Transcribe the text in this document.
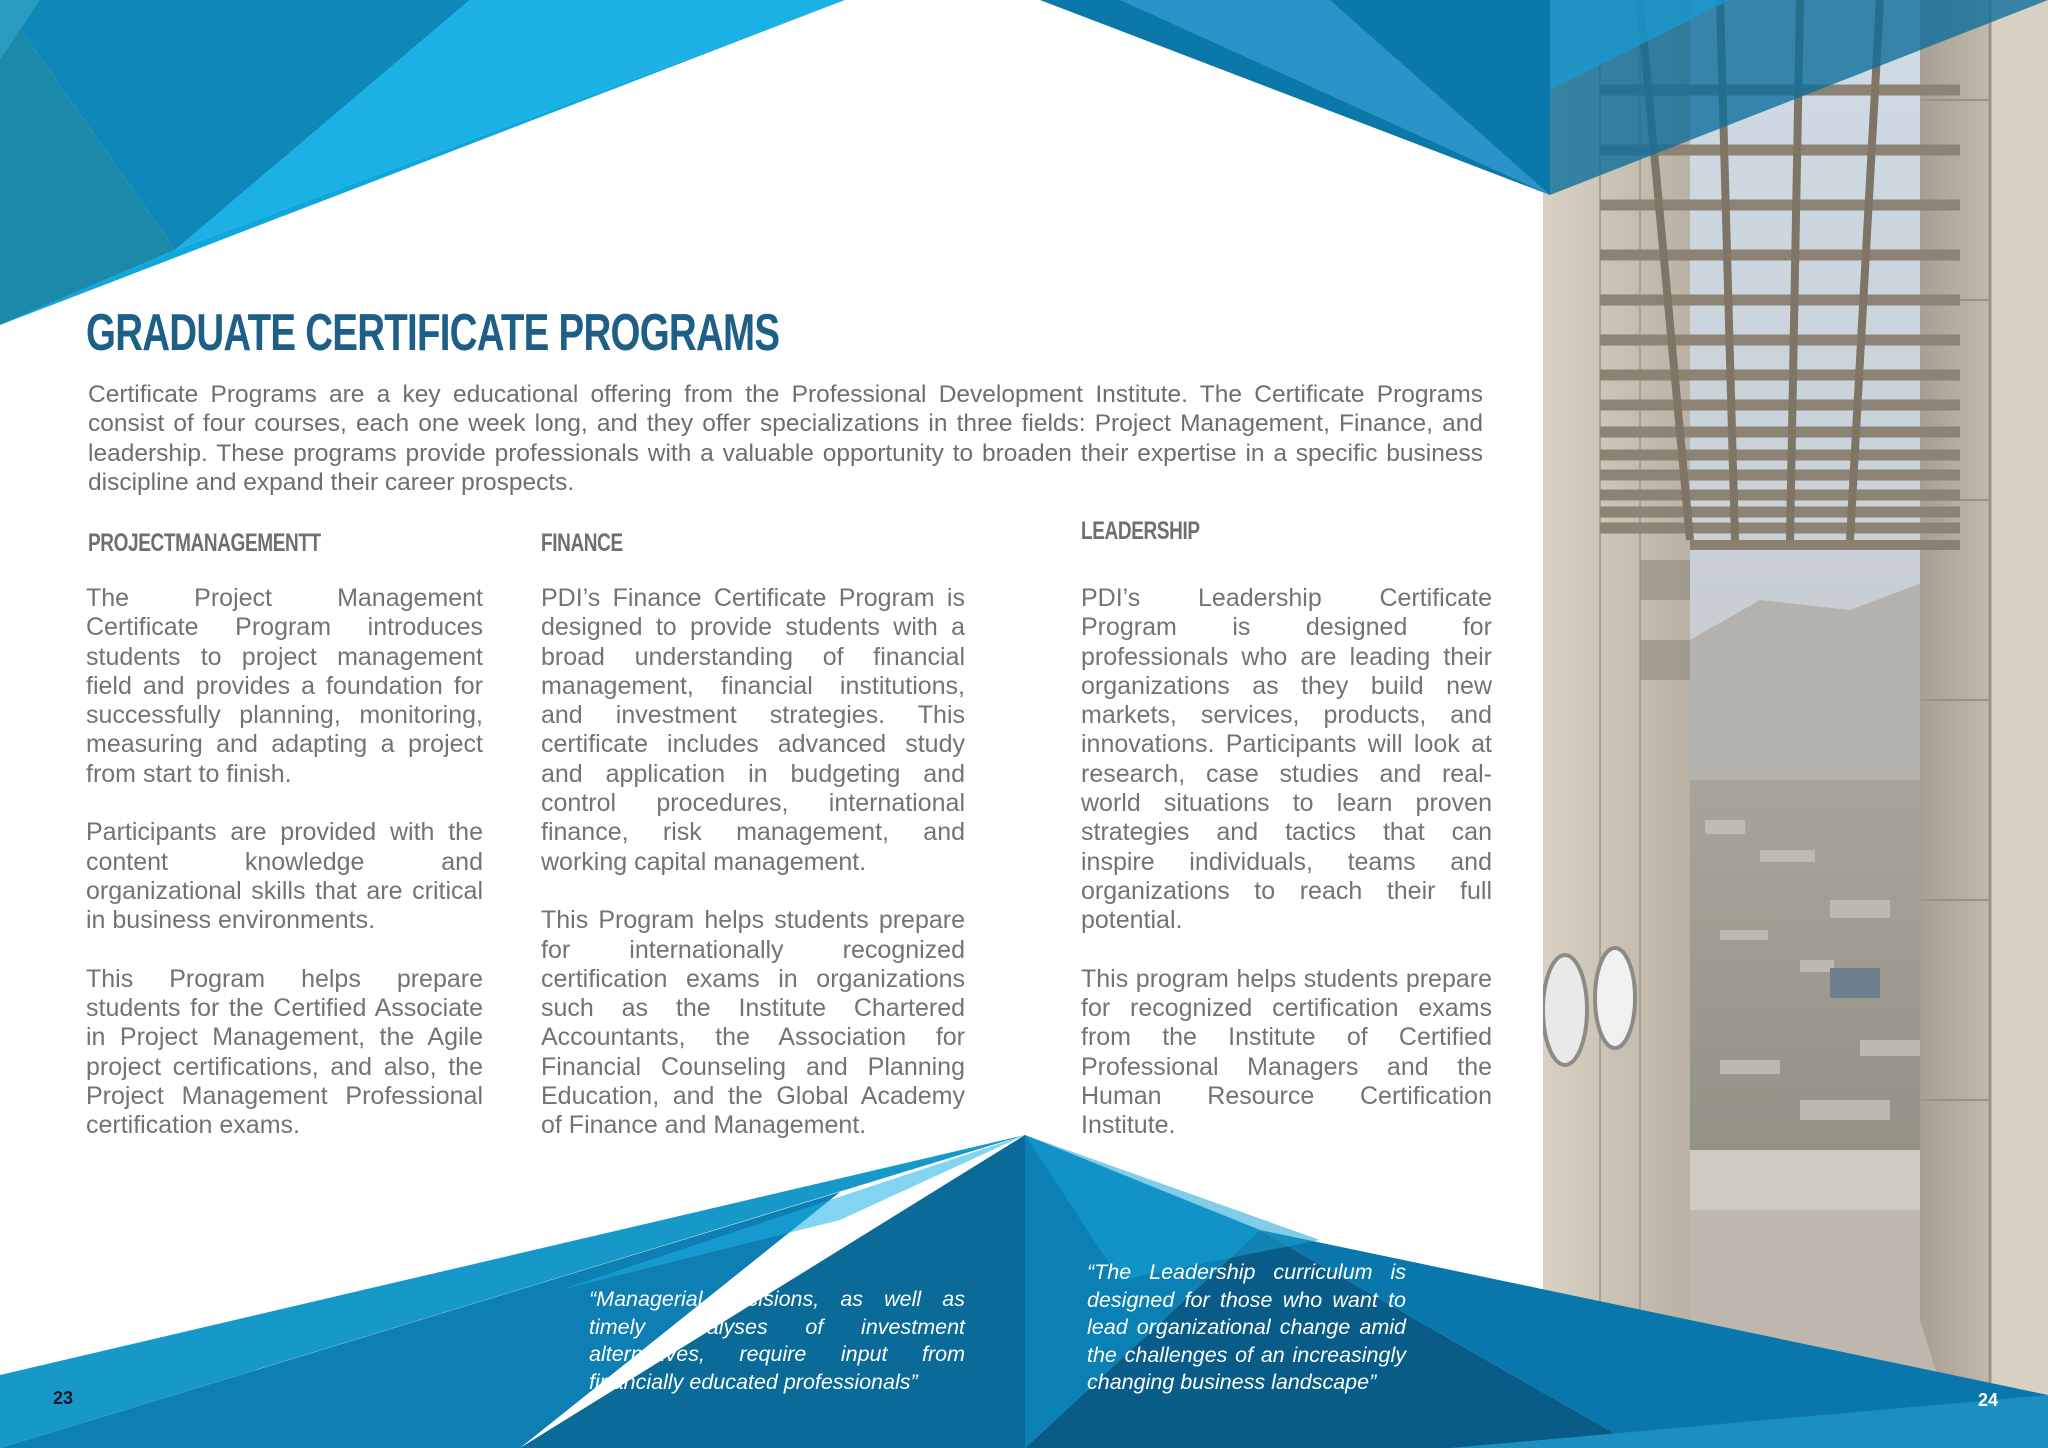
GRADUATE CERTIFICATE PROGRAMS

Certificate Programs are a key educational offering from the Professional Development Institute. The Certificate Programs consist of four courses, each one week long, and they offer specializations in three fields: Project Management, Finance, and leadership. These programs provide professionals with a valuable opportunity to broaden their expertise in a specific business discipline and expand their career prospects.

PROJECTMANAGEMENTT	FINANCE	LEADERSHIP

The Project Management Certificate Program introduces students to project management field and provides a foundation for successfully planning, monitoring, measuring and adapting a project from start to finish.

Participants are provided with the content knowledge and organizational skills that are critical in business environments.

This Program helps prepare students for the Certified Associate in Project Management, the Agile project certifications, and also, the Project Management Professional certification exams.

PDI’s Finance Certificate Program is designed to provide students with a broad understanding of financial management, financial institutions, and investment strategies. This certificate includes advanced study and application in budgeting and control procedures, international finance, risk management, and working capital management.

This Program helps students prepare for internationally recognized certification exams in organizations such as the Institute Chartered Accountants, the Association for Financial Counseling and Planning Education, and the Global Academy of Finance and Management.

PDI’s Leadership Certificate Program is designed for professionals who are leading their organizations as they build new markets, services, products, and innovations. Participants will look at research, case studies and real-world situations to learn proven strategies and tactics that can inspire individuals, teams and organizations to reach their full potential.

This program helps students prepare for recognized certification exams from the Institute of Certified Professional Managers and the Human Resource Certification Institute.

“Managerial decisions, as well as timely analyses of investment alternatives, require input from financially educated professionals”

“The Leadership curriculum is designed for those who want to lead organizational change amid the challenges of an increasingly changing business landscape”

23	24
